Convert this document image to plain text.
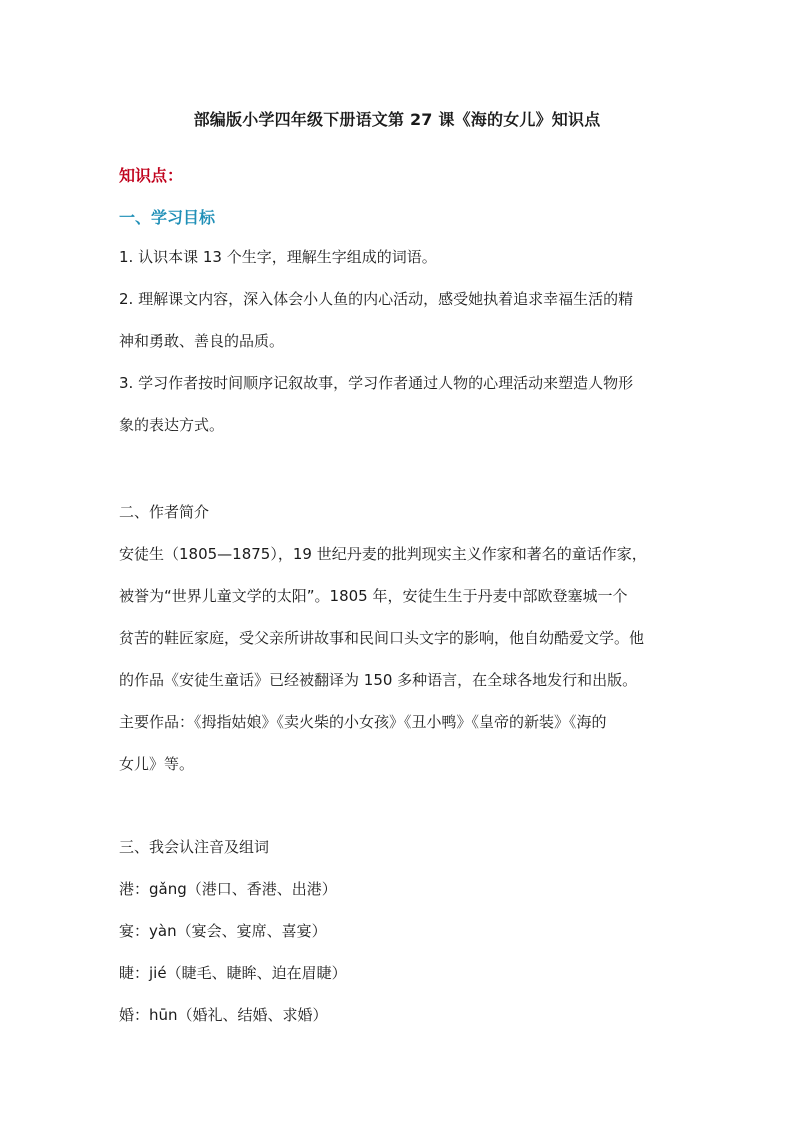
部编版小学四年级下册语文第 27 课《海的女儿》知识点
知识点：
一、学习目标

1. 认识本课 13 个生字，理解生字组成的词语。

2. 理解课文内容，深入体会小人鱼的内心活动，感受她执着追求幸福生活的精

神和勇敢、善良的品质。

3. 学习作者按时间顺序记叙故事，学习作者通过人物的心理活动来塑造人物形

象的表达方式。

二、作者简介

安徒生（1805—1875），19 世纪丹麦的批判现实主义作家和著名的童话作家，

被誉为“世界儿童文学的太阳”。1805 年，安徒生生于丹麦中部欧登塞城一个

贫苦的鞋匠家庭，受父亲所讲故事和民间口头文字的影响，他自幼酷爱文学。他

的作品《安徒生童话》已经被翻译为 150 多种语言，在全球各地发行和出版。

主要作品：《拇指姑娘》《卖火柴的小女孩》《丑小鸭》《皇帝的新装》《海的

女儿》等。

三、我会认注音及组词

港：gǎng（港口、香港、出港）

宴：yàn（宴会、宴席、喜宴）

睫：jié（睫毛、睫眸、迫在眉睫）

婚：hūn（婚礼、结婚、求婚）
